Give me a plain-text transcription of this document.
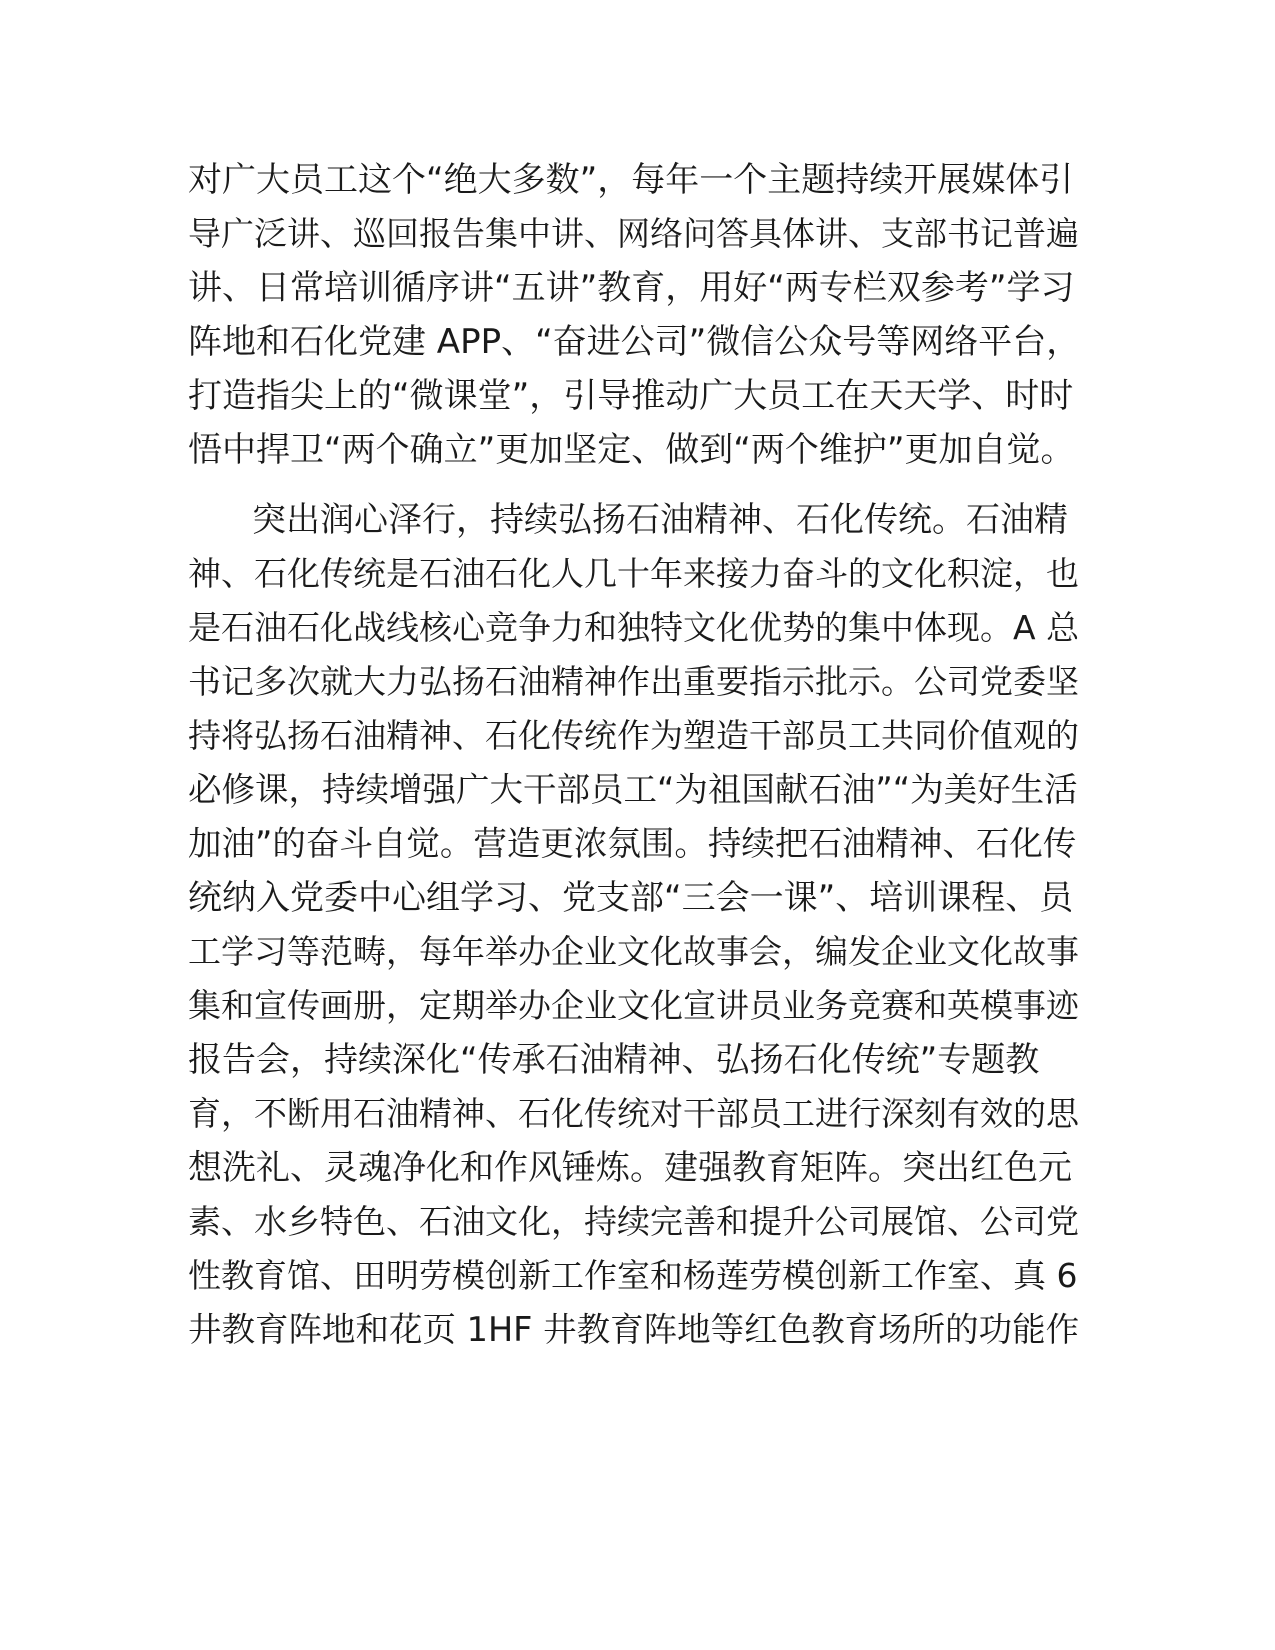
对广大员工这个“绝大多数”，每年一个主题持续开展媒体引
导广泛讲、巡回报告集中讲、网络问答具体讲、支部书记普遍
讲、日常培训循序讲“五讲”教育，用好“两专栏双参考”学习
阵地和石化党建 APP、“奋进公司”微信公众号等网络平台，
打造指尖上的“微课堂”，引导推动广大员工在天天学、时时
悟中捍卫“两个确立”更加坚定、做到“两个维护”更加自觉。
突出润心泽行，持续弘扬石油精神、石化传统。石油精
神、石化传统是石油石化人几十年来接力奋斗的文化积淀，也
是石油石化战线核心竞争力和独特文化优势的集中体现。A 总
书记多次就大力弘扬石油精神作出重要指示批示。公司党委坚
持将弘扬石油精神、石化传统作为塑造干部员工共同价值观的
必修课，持续增强广大干部员工“为祖国献石油”“为美好生活
加油”的奋斗自觉。营造更浓氛围。持续把石油精神、石化传
统纳入党委中心组学习、党支部“三会一课”、培训课程、员
工学习等范畴，每年举办企业文化故事会，编发企业文化故事
集和宣传画册，定期举办企业文化宣讲员业务竞赛和英模事迹
报告会，持续深化“传承石油精神、弘扬石化传统”专题教
育，不断用石油精神、石化传统对干部员工进行深刻有效的思
想洗礼、灵魂净化和作风锤炼。建强教育矩阵。突出红色元
素、水乡特色、石油文化，持续完善和提升公司展馆、公司党
性教育馆、田明劳模创新工作室和杨莲劳模创新工作室、真 6
井教育阵地和花页 1HF 井教育阵地等红色教育场所的功能作
